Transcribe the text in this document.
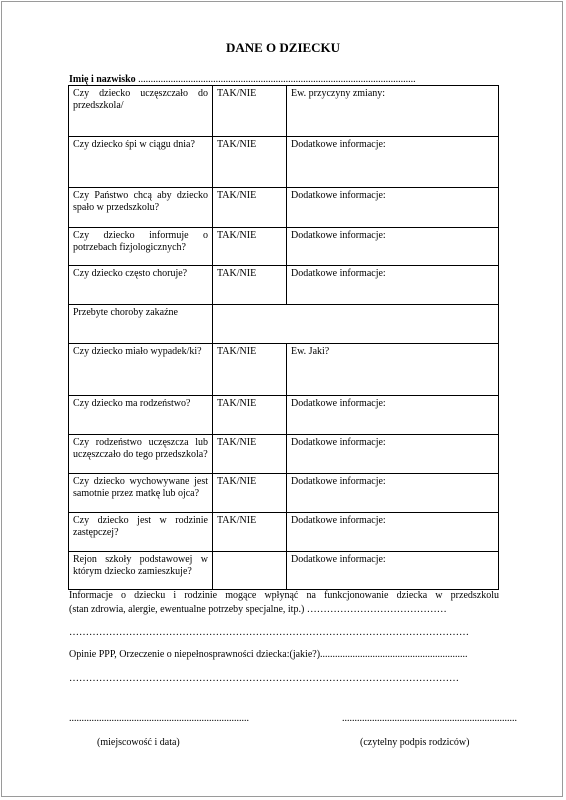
DANE O DZIECKU
Imię i nazwisko ...............................................................................................................
Czy dziecko uczęszczało do przedszkola/	TAK/NIE	Ew. przyczyny zmiany:

Czy dziecko śpi w ciągu dnia?	TAK/NIE	Dodatkowe informacje:

Czy Państwo chcą aby dziecko spało w przedszkolu?	TAK/NIE	Dodatkowe informacje:

Czy dziecko informuje o potrzebach fizjologicznych?	TAK/NIE	Dodatkowe informacje:

Czy dziecko często choruje?	TAK/NIE	Dodatkowe informacje:

Przebyte choroby zakaźne		

Czy dziecko miało wypadek/ki?	TAK/NIE	Ew. Jaki?

Czy dziecko ma rodzeństwo?	TAK/NIE	Dodatkowe informacje:

Czy rodzeństwo uczęszcza lub uczęszczało do tego przedszkola?	TAK/NIE	Dodatkowe informacje:

Czy dziecko wychowywane jest samotnie przez matkę lub ojca?	TAK/NIE	Dodatkowe informacje:

Czy dziecko jest w rodzinie zastępczej?	TAK/NIE	Dodatkowe informacje:

Rejon szkoły podstawowej w którym dziecko zamieszkuje?		Dodatkowe informacje:
Informacje o dziecku i rodzinie mogące wpłynąć na funkcjonowanie dziecka w przedszkolu
(stan zdrowia, alergie, ewentualne potrzeby specjalne, itp.) ……………………………………
…………………………………………………………………………………………………………
Opinie PPP, Orzeczenie o niepełnosprawności dziecka:(jakie?)...........................................................
………………………………………………………………………………………………………
........................................................................	......................................................................
(miejscowość i data)	(czytelny podpis rodziców)
